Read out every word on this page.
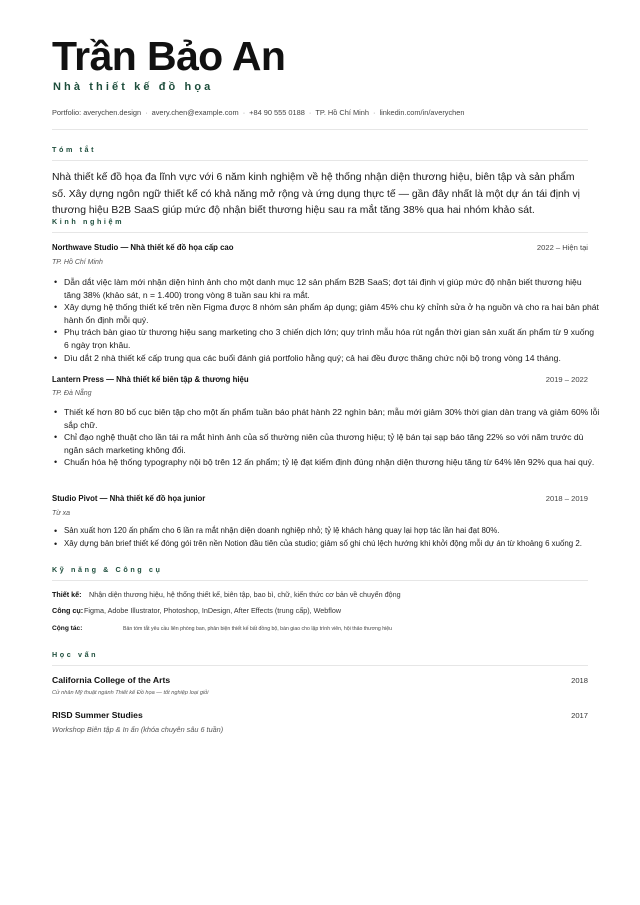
Trần Bảo An
Nhà thiết kế đồ họa
Portfolio: averychen.design · avery.chen@example.com · +84 90 555 0188 · TP. Hồ Chí Minh · linkedin.com/in/averychen
Tóm tắt
Nhà thiết kế đồ họa đa lĩnh vực với 6 năm kinh nghiệm về hệ thống nhận diện thương hiệu, biên tập và sản phẩm số. Xây dựng ngôn ngữ thiết kế có khả năng mở rộng và ứng dụng thực tế — gần đây nhất là một dự án tái định vị thương hiệu B2B SaaS giúp mức độ nhận biết thương hiệu sau ra mắt tăng 38% qua hai nhóm khảo sát.
Kinh nghiệm
Northwave Studio — Nhà thiết kế đồ họa cấp cao	2022 – Hiện tại
TP. Hồ Chí Minh
• Dẫn dắt việc làm mới nhận diện hình ảnh cho một danh mục 12 sản phẩm B2B SaaS; đợt tái định vị giúp mức độ nhận biết thương hiệu tăng 38% (khảo sát, n = 1.400) trong vòng 8 tuần sau khi ra mắt.
• Xây dựng hệ thống thiết kế trên nền Figma được 8 nhóm sản phẩm áp dụng; giảm 45% chu kỳ chỉnh sửa ở hạ nguồn và cho ra hai bản phát hành ổn định mỗi quý.
• Phụ trách bàn giao từ thương hiệu sang marketing cho 3 chiến dịch lớn; quy trình mẫu hóa rút ngắn thời gian sản xuất ấn phẩm từ 9 xuống 6 ngày trọn khâu.
• Dìu dắt 2 nhà thiết kế cấp trung qua các buổi đánh giá portfolio hằng quý; cả hai đều được thăng chức nội bộ trong vòng 14 tháng.
Lantern Press — Nhà thiết kế biên tập & thương hiệu	2019 – 2022
TP. Đà Nẵng
• Thiết kế hơn 80 bố cục biên tập cho một ấn phẩm tuần báo phát hành 22 nghìn bản; mẫu mới giảm 30% thời gian dàn trang và giảm 60% lỗi sắp chữ.
• Chỉ đạo nghệ thuật cho lần tái ra mắt hình ảnh của số thường niên của thương hiệu; tỷ lệ bán tại sạp báo tăng 22% so với năm trước dù ngân sách marketing không đổi.
• Chuẩn hóa hệ thống typography nội bộ trên 12 ấn phẩm; tỷ lệ đạt kiểm định đúng nhận diện thương hiệu tăng từ 64% lên 92% qua hai quý.
Studio Pivot — Nhà thiết kế đồ họa junior	2018 – 2019
Từ xa
• Sản xuất hơn 120 ấn phẩm cho 6 lần ra mắt nhận diện doanh nghiệp nhỏ; tỷ lệ khách hàng quay lại hợp tác lần hai đạt 80%.
• Xây dựng bản brief thiết kế đóng gói trên nền Notion đầu tiên của studio; giảm số ghi chú lệch hướng khi khởi động mỗi dự án từ khoảng 6 xuống 2.
Kỹ năng & Công cụ
Thiết kế: Nhận diện thương hiệu, hệ thống thiết kế, biên tập, bao bì, chữ, kiến thức cơ bản về chuyển động
Công cụ:Figma, Adobe Illustrator, Photoshop, InDesign, After Effects (trung cấp), Webflow
Cộng tác:	Bản tóm tắt yêu cầu liên phòng ban, phản biện thiết kế bất đồng bộ, bàn giao cho lập trình viên, hội thảo thương hiệu
Học vấn
California College of the Arts	2018
Cử nhân Mỹ thuật ngành Thiết kế Đồ họa — tốt nghiệp loại giỏi
RISD Summer Studies	2017
Workshop Biên tập & In ấn (khóa chuyên sâu 6 tuần)
